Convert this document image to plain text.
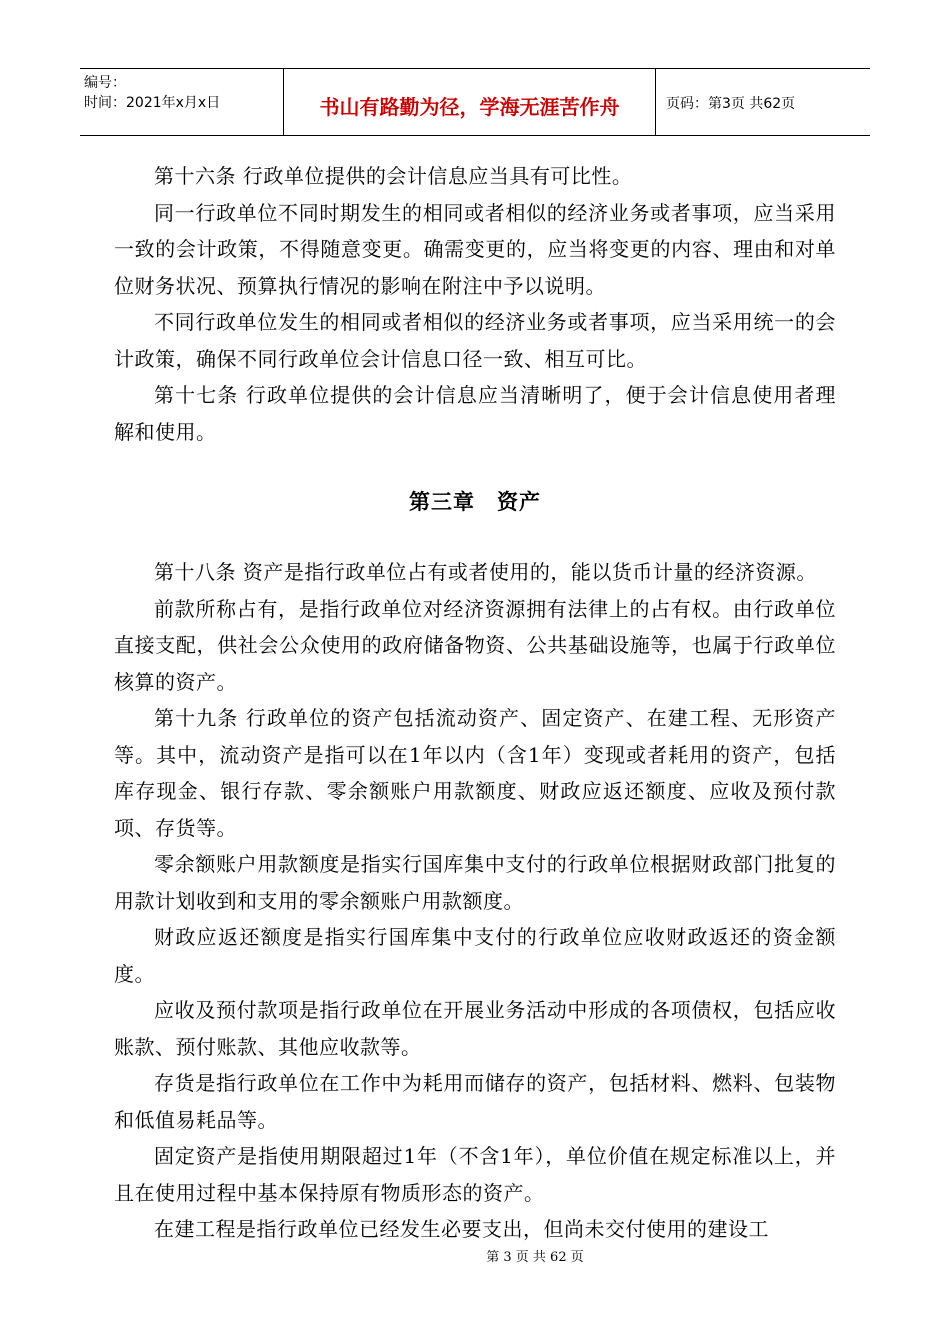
编号：
时间：2021年x月x日	书山有路勤为径，学海无涯苦作舟	页码：第3页 共62页

第十六条 行政单位提供的会计信息应当具有可比性。

同一行政单位不同时期发生的相同或者相似的经济业务或者事项，应当采用一致的会计政策，不得随意变更。确需变更的，应当将变更的内容、理由和对单位财务状况、预算执行情况的影响在附注中予以说明。

不同行政单位发生的相同或者相似的经济业务或者事项，应当采用统一的会计政策，确保不同行政单位会计信息口径一致、相互可比。

第十七条 行政单位提供的会计信息应当清晰明了，便于会计信息使用者理解和使用。

第三章　资产

第十八条 资产是指行政单位占有或者使用的，能以货币计量的经济资源。

前款所称占有，是指行政单位对经济资源拥有法律上的占有权。由行政单位直接支配，供社会公众使用的政府储备物资、公共基础设施等，也属于行政单位核算的资产。

第十九条 行政单位的资产包括流动资产、固定资产、在建工程、无形资产等。其中，流动资产是指可以在1年以内（含1年）变现或者耗用的资产，包括库存现金、银行存款、零余额账户用款额度、财政应返还额度、应收及预付款项、存货等。

零余额账户用款额度是指实行国库集中支付的行政单位根据财政部门批复的用款计划收到和支用的零余额账户用款额度。

财政应返还额度是指实行国库集中支付的行政单位应收财政返还的资金额度。

应收及预付款项是指行政单位在开展业务活动中形成的各项债权，包括应收账款、预付账款、其他应收款等。

存货是指行政单位在工作中为耗用而储存的资产，包括材料、燃料、包装物和低值易耗品等。

固定资产是指使用期限超过1年（不含1年），单位价值在规定标准以上，并且在使用过程中基本保持原有物质形态的资产。

在建工程是指行政单位已经发生必要支出，但尚未交付使用的建设工

第 3 页 共 62 页
